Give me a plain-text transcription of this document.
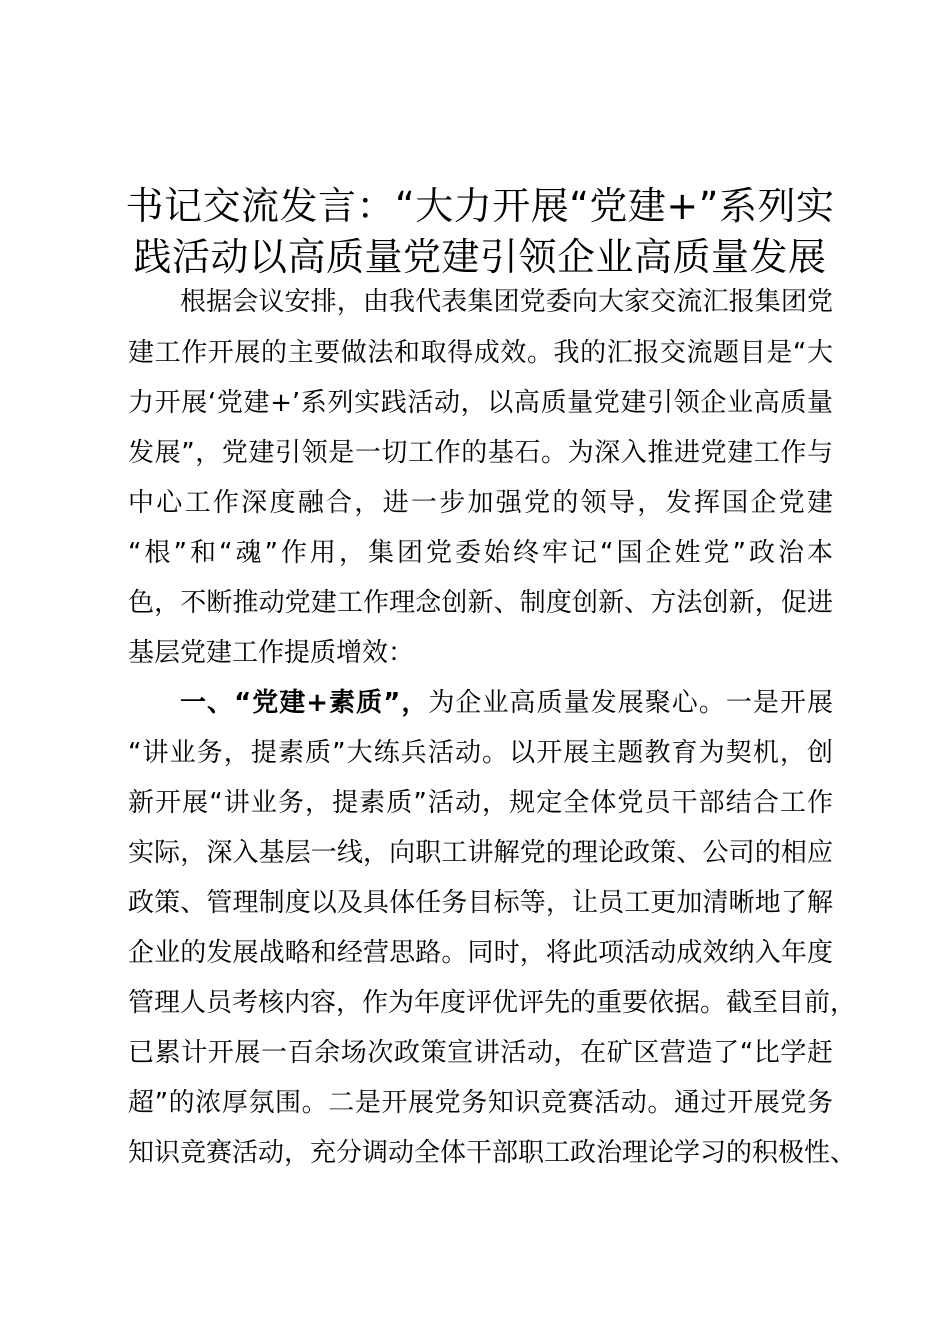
书记交流发言：“大力开展“党建+”系列实
践活动以高质量党建引领企业高质量发展
根据会议安排，由我代表集团党委向大家交流汇报集团党
建工作开展的主要做法和取得成效。我的汇报交流题目是“大
力开展‘党建+’系列实践活动，以高质量党建引领企业高质量
发展”，党建引领是一切工作的基石。为深入推进党建工作与
中心工作深度融合，进一步加强党的领导，发挥国企党建
“根”和“魂”作用，集团党委始终牢记“国企姓党”政治本
色，不断推动党建工作理念创新、制度创新、方法创新，促进
基层党建工作提质增效：
一、“党建+素质”，为企业高质量发展聚心。一是开展
“讲业务，提素质”大练兵活动。以开展主题教育为契机，创
新开展“讲业务，提素质”活动，规定全体党员干部结合工作
实际，深入基层一线，向职工讲解党的理论政策、公司的相应
政策、管理制度以及具体任务目标等，让员工更加清晰地了解
企业的发展战略和经营思路。同时，将此项活动成效纳入年度
管理人员考核内容，作为年度评优评先的重要依据。截至目前，
已累计开展一百余场次政策宣讲活动，在矿区营造了“比学赶
超”的浓厚氛围。二是开展党务知识竞赛活动。通过开展党务
知识竞赛活动，充分调动全体干部职工政治理论学习的积极性、
